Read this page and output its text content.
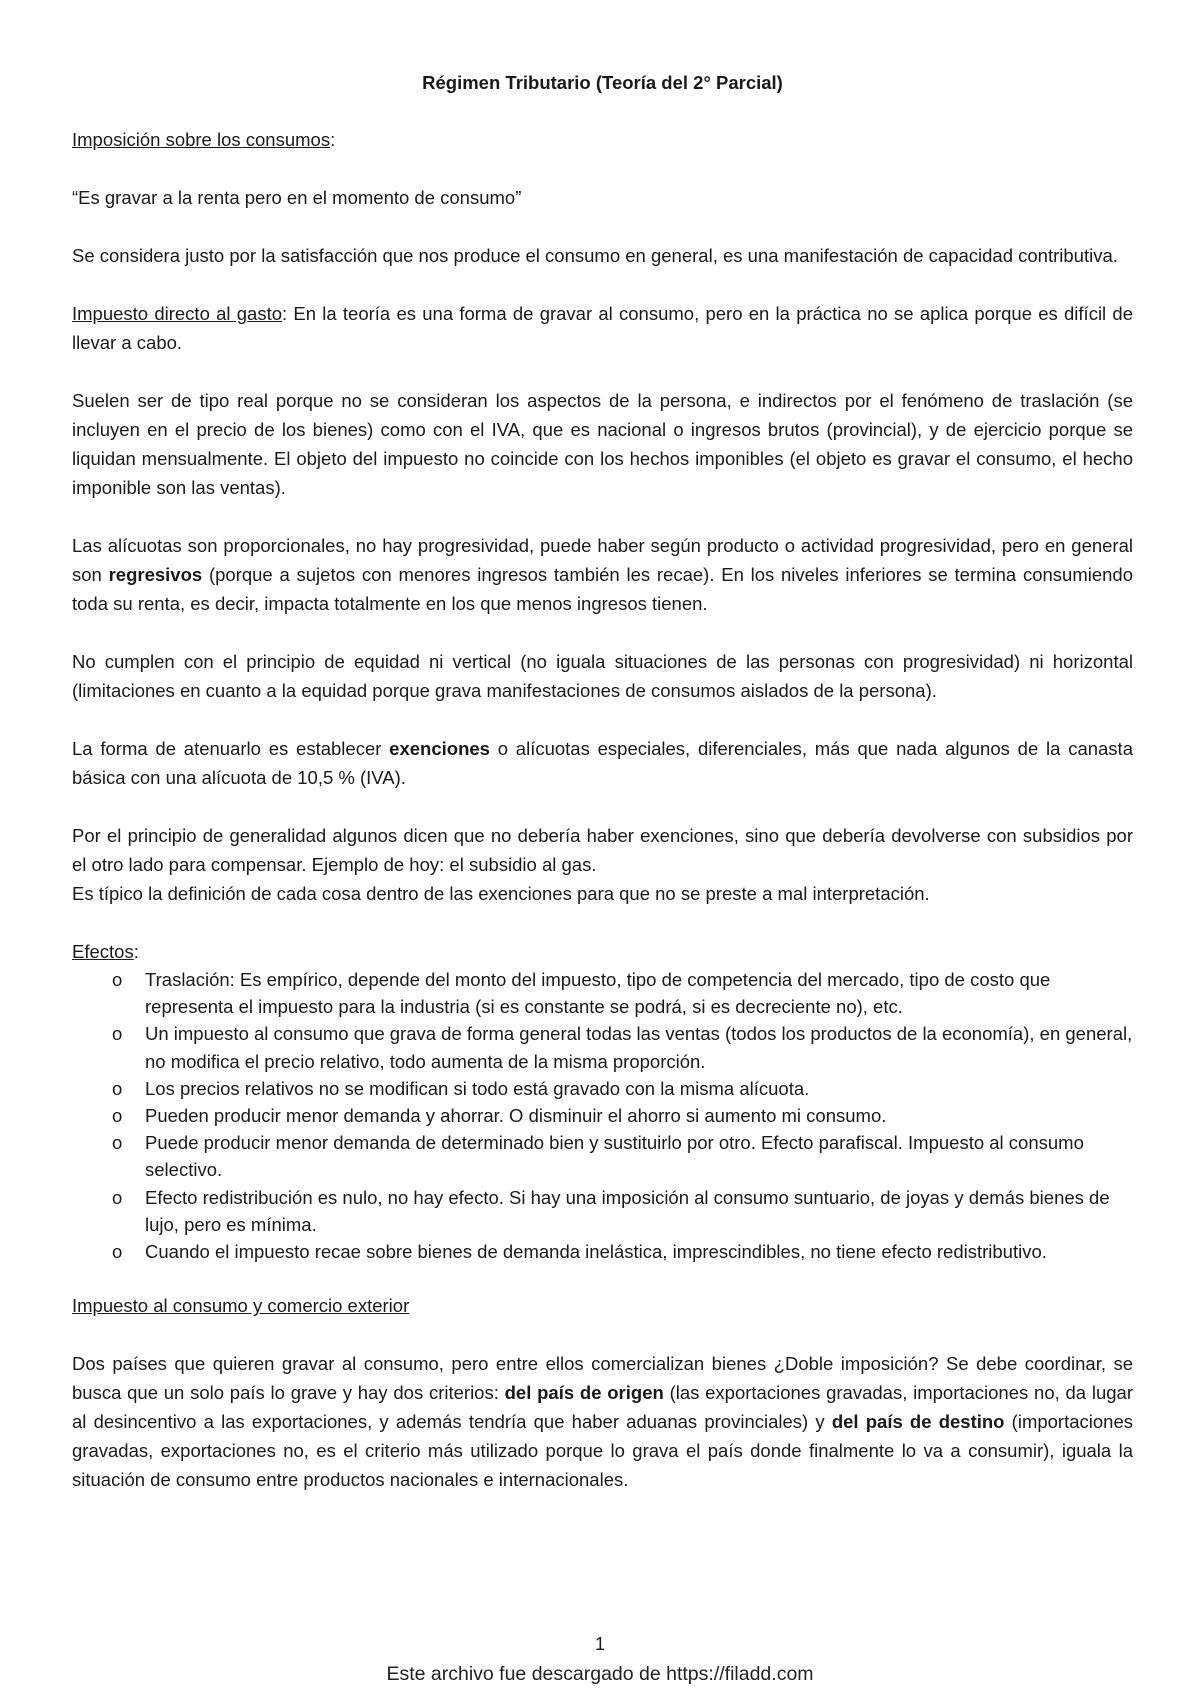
Régimen Tributario (Teoría del 2° Parcial)

Imposición sobre los consumos:

“Es gravar a la renta pero en el momento de consumo”

Se considera justo por la satisfacción que nos produce el consumo en general, es una manifestación de capacidad contributiva.

Impuesto directo al gasto: En la teoría es una forma de gravar al consumo, pero en la práctica no se aplica porque es difícil de llevar a cabo.

Suelen ser de tipo real porque no se consideran los aspectos de la persona, e indirectos por el fenómeno de traslación (se incluyen en el precio de los bienes) como con el IVA, que es nacional o ingresos brutos (provincial), y de ejercicio porque se liquidan mensualmente. El objeto del impuesto no coincide con los hechos imponibles (el objeto es gravar el consumo, el hecho imponible son las ventas).

Las alícuotas son proporcionales, no hay progresividad, puede haber según producto o actividad progresividad, pero en general son regresivos (porque a sujetos con menores ingresos también les recae). En los niveles inferiores se termina consumiendo toda su renta, es decir, impacta totalmente en los que menos ingresos tienen.

No cumplen con el principio de equidad ni vertical (no iguala situaciones de las personas con progresividad) ni horizontal (limitaciones en cuanto a la equidad porque grava manifestaciones de consumos aislados de la persona).

La forma de atenuarlo es establecer exenciones o alícuotas especiales, diferenciales, más que nada algunos de la canasta básica con una alícuota de 10,5 % (IVA).

Por el principio de generalidad algunos dicen que no debería haber exenciones, sino que debería devolverse con subsidios por el otro lado para compensar. Ejemplo de hoy: el subsidio al gas.

Es típico la definición de cada cosa dentro de las exenciones para que no se preste a mal interpretación.

Efectos:

o Traslación: Es empírico, depende del monto del impuesto, tipo de competencia del mercado, tipo de costo que representa el impuesto para la industria (si es constante se podrá, si es decreciente no), etc.
o Un impuesto al consumo que grava de forma general todas las ventas (todos los productos de la economía), en general, no modifica el precio relativo, todo aumenta de la misma proporción.
o Los precios relativos no se modifican si todo está gravado con la misma alícuota.
o Pueden producir menor demanda y ahorrar. O disminuir el ahorro si aumento mi consumo.
o Puede producir menor demanda de determinado bien y sustituirlo por otro. Efecto parafiscal. Impuesto al consumo selectivo.
o Efecto redistribución es nulo, no hay efecto. Si hay una imposición al consumo suntuario, de joyas y demás bienes de lujo, pero es mínima.
o Cuando el impuesto recae sobre bienes de demanda inelástica, imprescindibles, no tiene efecto redistributivo.

Impuesto al consumo y comercio exterior

Dos países que quieren gravar al consumo, pero entre ellos comercializan bienes ¿Doble imposición? Se debe coordinar, se busca que un solo país lo grave y hay dos criterios: del país de origen (las exportaciones gravadas, importaciones no, da lugar al desincentivo a las exportaciones, y además tendría que haber aduanas provinciales) y del país de destino (importaciones gravadas, exportaciones no, es el criterio más utilizado porque lo grava el país donde finalmente lo va a consumir), iguala la situación de consumo entre productos nacionales e internacionales.

1
Este archivo fue descargado de https://filadd.com
